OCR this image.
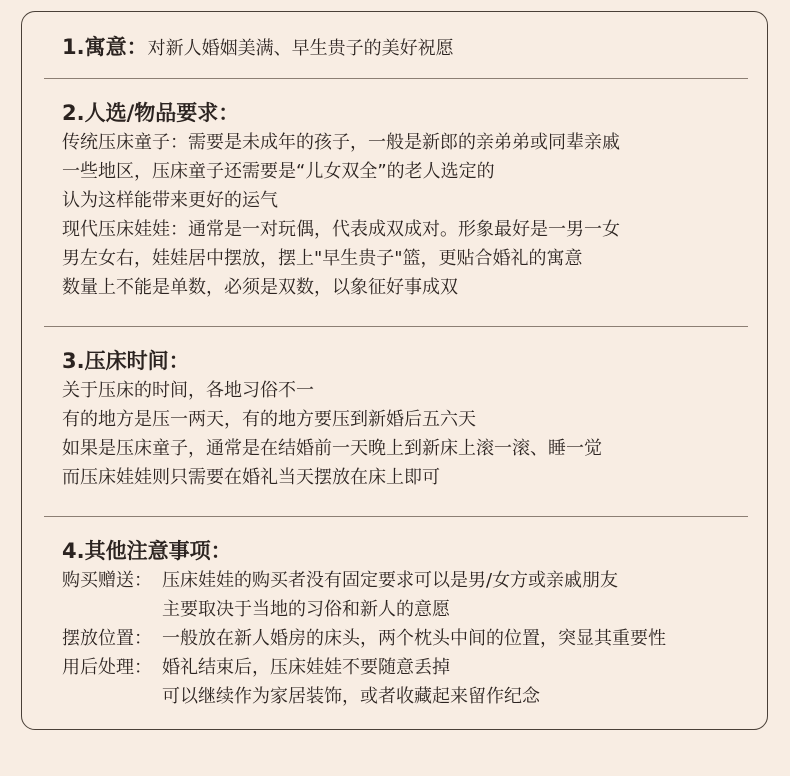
1.寓意：对新人婚姻美满、早生贵子的美好祝愿
2.人选/物品要求：
传统压床童子：需要是未成年的孩子，一般是新郎的亲弟弟或同辈亲戚
一些地区，压床童子还需要是“儿女双全”的老人选定的
认为这样能带来更好的运气
现代压床娃娃：通常是一对玩偶，代表成双成对。形象最好是一男一女
男左女右，娃娃居中摆放，摆上"早生贵子"篮，更贴合婚礼的寓意
数量上不能是单数，必须是双数，以象征好事成双
3.压床时间：
关于压床的时间，各地习俗不一
有的地方是压一两天，有的地方要压到新婚后五六天
如果是压床童子，通常是在结婚前一天晚上到新床上滚一滚、睡一觉
而压床娃娃则只需要在婚礼当天摆放在床上即可
4.其他注意事项：
购买赠送： 压床娃娃的购买者没有固定要求可以是男/女方或亲戚朋友
主要取决于当地的习俗和新人的意愿
摆放位置： 一般放在新人婚房的床头，两个枕头中间的位置，突显其重要性
用后处理： 婚礼结束后，压床娃娃不要随意丢掉
可以继续作为家居装饰，或者收藏起来留作纪念
